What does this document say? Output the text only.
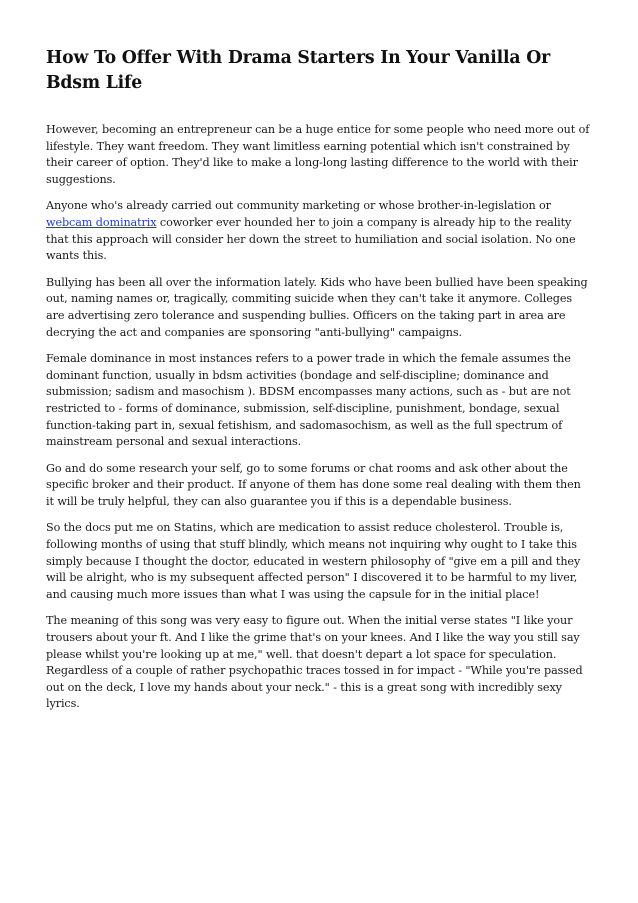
How To Offer With Drama Starters In Your Vanilla Or Bdsm Life

However, becoming an entrepreneur can be a huge entice for some people who need more out of lifestyle. They want freedom. They want limitless earning potential which isn't constrained by their career of option. They'd like to make a long-long lasting difference to the world with their suggestions.

Anyone who's already carried out community marketing or whose brother-in-legislation or webcam dominatrix coworker ever hounded her to join a company is already hip to the reality that this approach will consider her down the street to humiliation and social isolation. No one wants this.

Bullying has been all over the information lately. Kids who have been bullied have been speaking out, naming names or, tragically, commiting suicide when they can't take it anymore. Colleges are advertising zero tolerance and suspending bullies. Officers on the taking part in area are decrying the act and companies are sponsoring "anti-bullying" campaigns.

Female dominance in most instances refers to a power trade in which the female assumes the dominant function, usually in bdsm activities (bondage and self-discipline; dominance and submission; sadism and masochism ). BDSM encompasses many actions, such as - but are not restricted to - forms of dominance, submission, self-discipline, punishment, bondage, sexual function-taking part in, sexual fetishism, and sadomasochism, as well as the full spectrum of mainstream personal and sexual interactions.

Go and do some research your self, go to some forums or chat rooms and ask other about the specific broker and their product. If anyone of them has done some real dealing with them then it will be truly helpful, they can also guarantee you if this is a dependable business.

So the docs put me on Statins, which are medication to assist reduce cholesterol. Trouble is, following months of using that stuff blindly, which means not inquiring why ought to I take this simply because I thought the doctor, educated in western philosophy of "give em a pill and they will be alright, who is my subsequent affected person" I discovered it to be harmful to my liver, and causing much more issues than what I was using the capsule for in the initial place!

The meaning of this song was very easy to figure out. When the initial verse states "I like your trousers about your ft. And I like the grime that's on your knees. And I like the way you still say please whilst you're looking up at me," well. that doesn't depart a lot space for speculation. Regardless of a couple of rather psychopathic traces tossed in for impact - "While you're passed out on the deck, I love my hands about your neck." - this is a great song with incredibly sexy lyrics.
